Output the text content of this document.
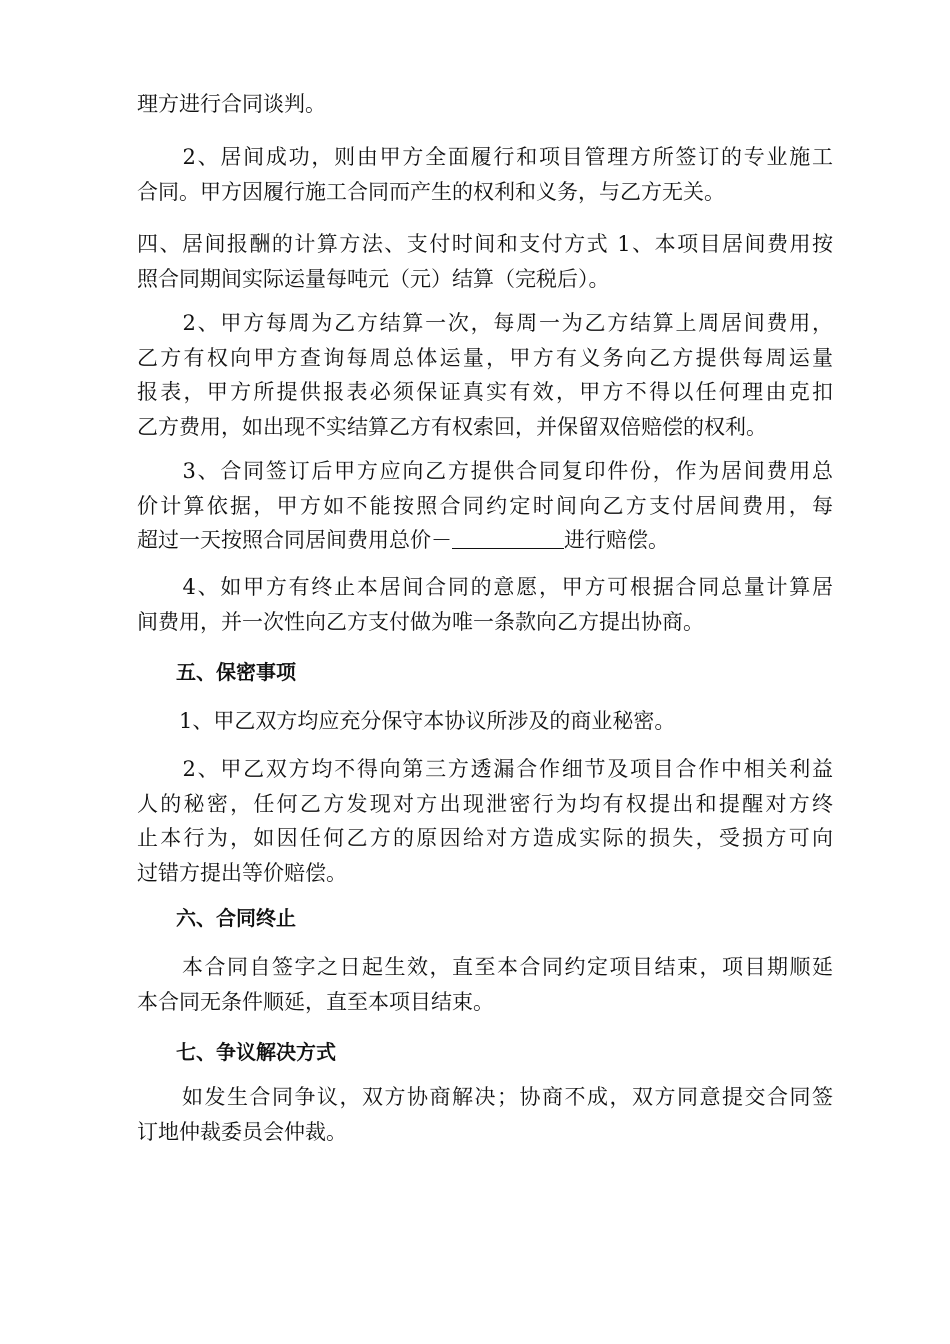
理方进行合同谈判。
　　2、居间成功，则由甲方全面履行和项目管理方所签订的专业施工
合同。甲方因履行施工合同而产生的权利和义务，与乙方无关。
四、居间报酬的计算方法、支付时间和支付方式 1、本项目居间费用按
照合同期间实际运量每吨元（元）结算（完税后）。
　　2、甲方每周为乙方结算一次，每周一为乙方结算上周居间费用，
乙方有权向甲方查询每周总体运量，甲方有义务向乙方提供每周运量
报表，甲方所提供报表必须保证真实有效，甲方不得以任何理由克扣
乙方费用，如出现不实结算乙方有权索回，并保留双倍赔偿的权利。
　　3、合同签订后甲方应向乙方提供合同复印件份，作为居间费用总
价计算依据，甲方如不能按照合同约定时间向乙方支付居间费用，每
超过一天按照合同居间费用总价－	进行赔偿。
　　4、如甲方有终止本居间合同的意愿，甲方可根据合同总量计算居
间费用，并一次性向乙方支付做为唯一条款向乙方提出协商。
五、保密事项
　　1、甲乙双方均应充分保守本协议所涉及的商业秘密。
　　2、甲乙双方均不得向第三方透漏合作细节及项目合作中相关利益
人的秘密，任何乙方发现对方出现泄密行为均有权提出和提醒对方终
止本行为，如因任何乙方的原因给对方造成实际的损失，受损方可向
过错方提出等价赔偿。
六、合同终止
　　本合同自签字之日起生效，直至本合同约定项目结束，项目期顺延
本合同无条件顺延，直至本项目结束。
七、争议解决方式
　　如发生合同争议，双方协商解决；协商不成，双方同意提交合同签
订地仲裁委员会仲裁。
